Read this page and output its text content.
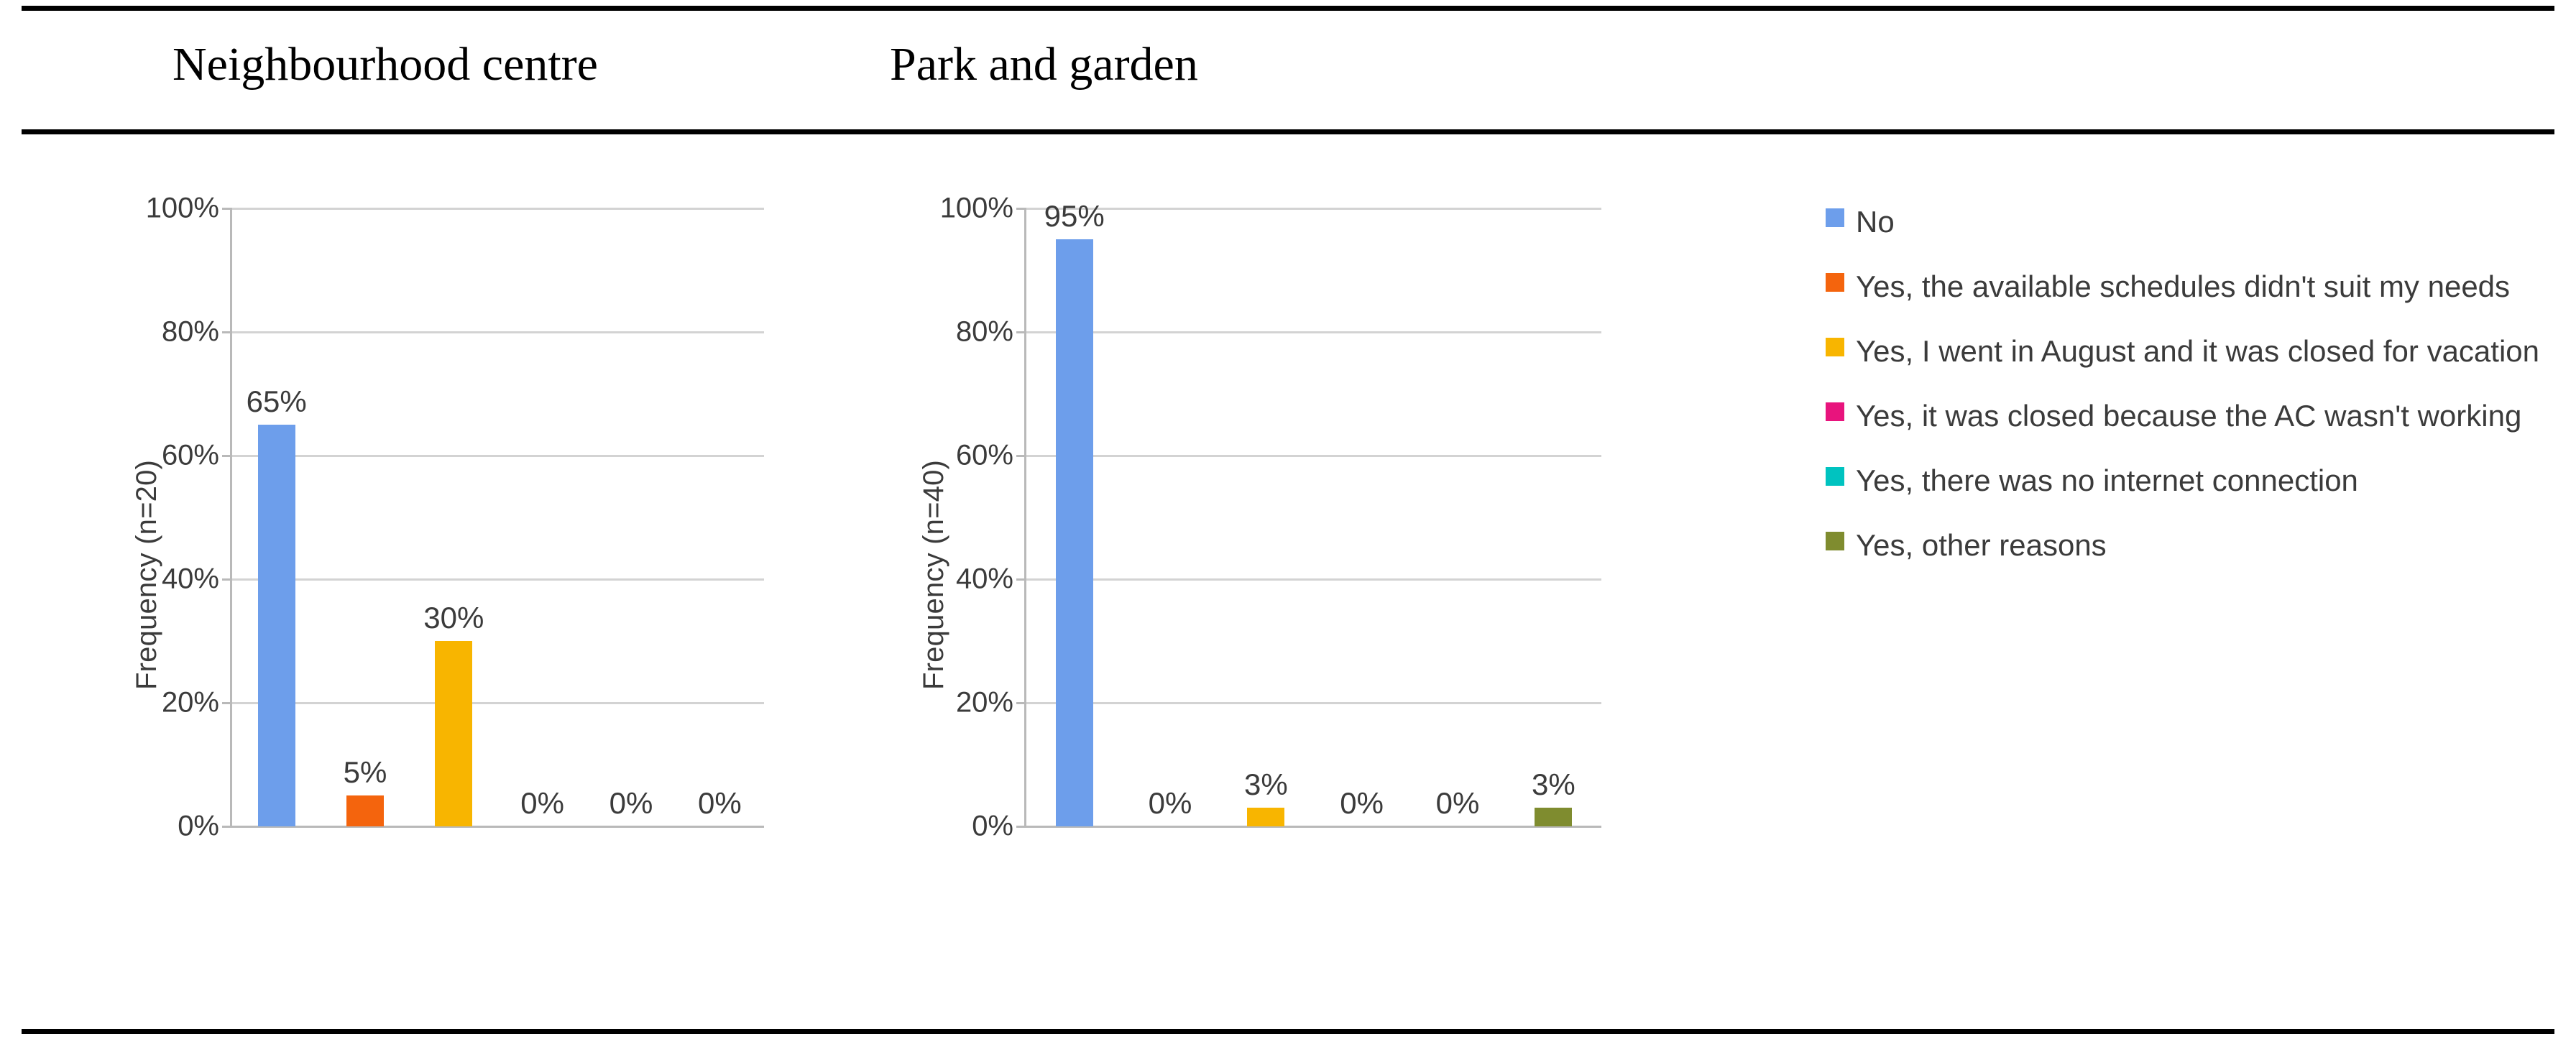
Neighbourhood centre	Park and garden
Frequency (n=20)
0%
20%
40%
60%
80%
100%
65%
5%
30%
0% 0% 0%
Frequency (n=40)
0%
20%
40%
60%
80%
100% 95%
0%
3%
0% 0%
3%
No
Yes, the available schedules didn't suit my needs
Yes, I went in August and it was closed for vacation
Yes, it was closed because the AC wasn't working
Yes, there was no internet connection
Yes, other reasons
